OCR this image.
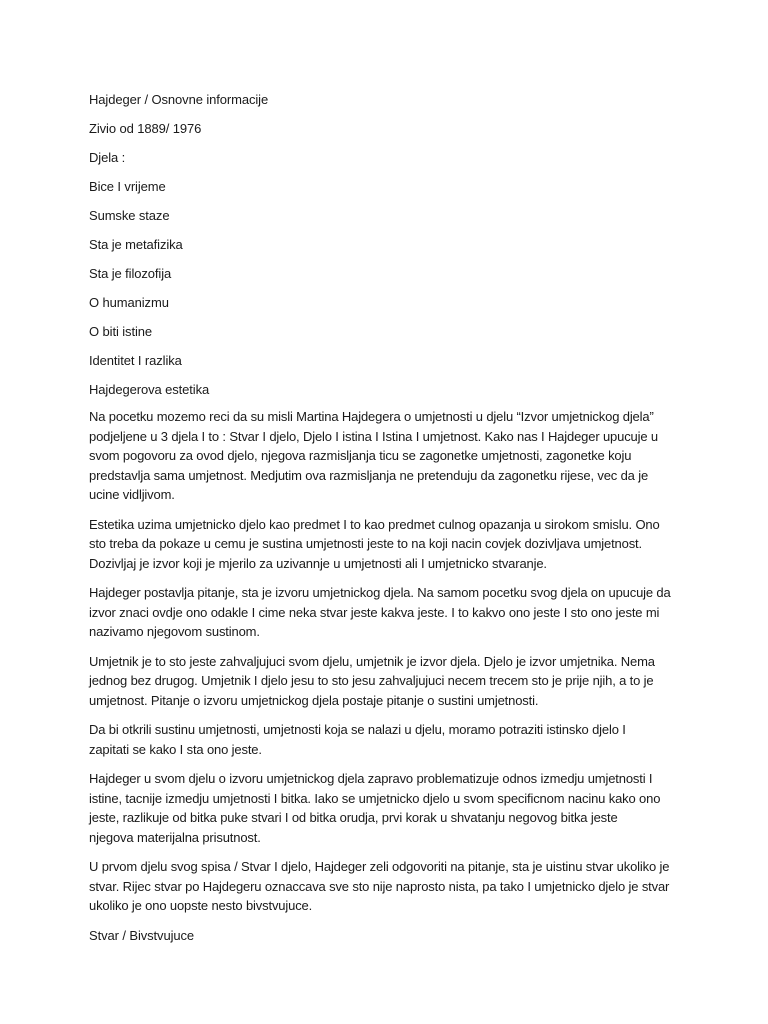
Hajdeger / Osnovne informacije
Zivio od 1889/ 1976
Djela :
Bice I vrijeme
Sumske staze
Sta je metafizika
Sta je filozofija
O humanizmu
O biti istine
Identitet I razlika
Hajdegerova estetika
Na pocetku mozemo reci da su misli Martina Hajdegera o umjetnosti u djelu “Izvor umjetnickog djela”
podjeljene u 3 djela I to : Stvar I djelo, Djelo I istina I Istina I umjetnost. Kako nas I Hajdeger upucuje u
svom pogovoru za ovod djelo, njegova razmisljanja ticu se zagonetke umjetnosti, zagonetke koju
predstavlja sama umjetnost. Medjutim ova razmisljanja ne pretenduju da zagonetku rijese, vec da je
ucine vidljivom.
Estetika uzima umjetnicko djelo kao predmet I to kao predmet culnog opazanja u sirokom smislu. Ono
sto treba da pokaze u cemu je sustina umjetnosti jeste to na koji nacin covjek dozivljava umjetnost.
Dozivljaj je izvor koji je mjerilo za uzivannje u umjetnosti ali I umjetnicko stvaranje.
Hajdeger postavlja pitanje, sta je izvoru umjetnickog djela. Na samom pocetku svog djela on upucuje da
izvor znaci ovdje ono odakle I cime neka stvar jeste kakva jeste. I to kakvo ono jeste I sto ono jeste mi
nazivamo njegovom sustinom.
Umjetnik je to sto jeste zahvaljujuci svom djelu, umjetnik je izvor djela. Djelo je izvor umjetnika. Nema
jednog bez drugog. Umjetnik I djelo jesu to sto jesu zahvaljujuci necem trecem sto je prije njih, a to je
umjetnost. Pitanje o izvoru umjetnickog djela postaje pitanje o sustini umjetnosti.
Da bi otkrili sustinu umjetnosti, umjetnosti koja se nalazi u djelu, moramo potraziti istinsko djelo I
zapitati se kako I sta ono jeste.
Hajdeger u svom djelu o izvoru umjetnickog djela zapravo problematizuje odnos izmedju umjetnosti I
istine, tacnije izmedju umjetnosti I bitka. Iako se umjetnicko djelo u svom specificnom nacinu kako ono
jeste, razlikuje od bitka puke stvari I od bitka orudja, prvi korak u shvatanju negovog bitka jeste
njegova materijalna prisutnost.
U prvom djelu svog spisa / Stvar I djelo, Hajdeger zeli odgovoriti na pitanje, sta je uistinu stvar ukoliko je
stvar. Rijec stvar po Hajdegeru oznaccava sve sto nije naprosto nista, pa tako I umjetnicko djelo je stvar
ukoliko je ono uopste nesto bivstvujuce.
Stvar / Bivstvujuce
